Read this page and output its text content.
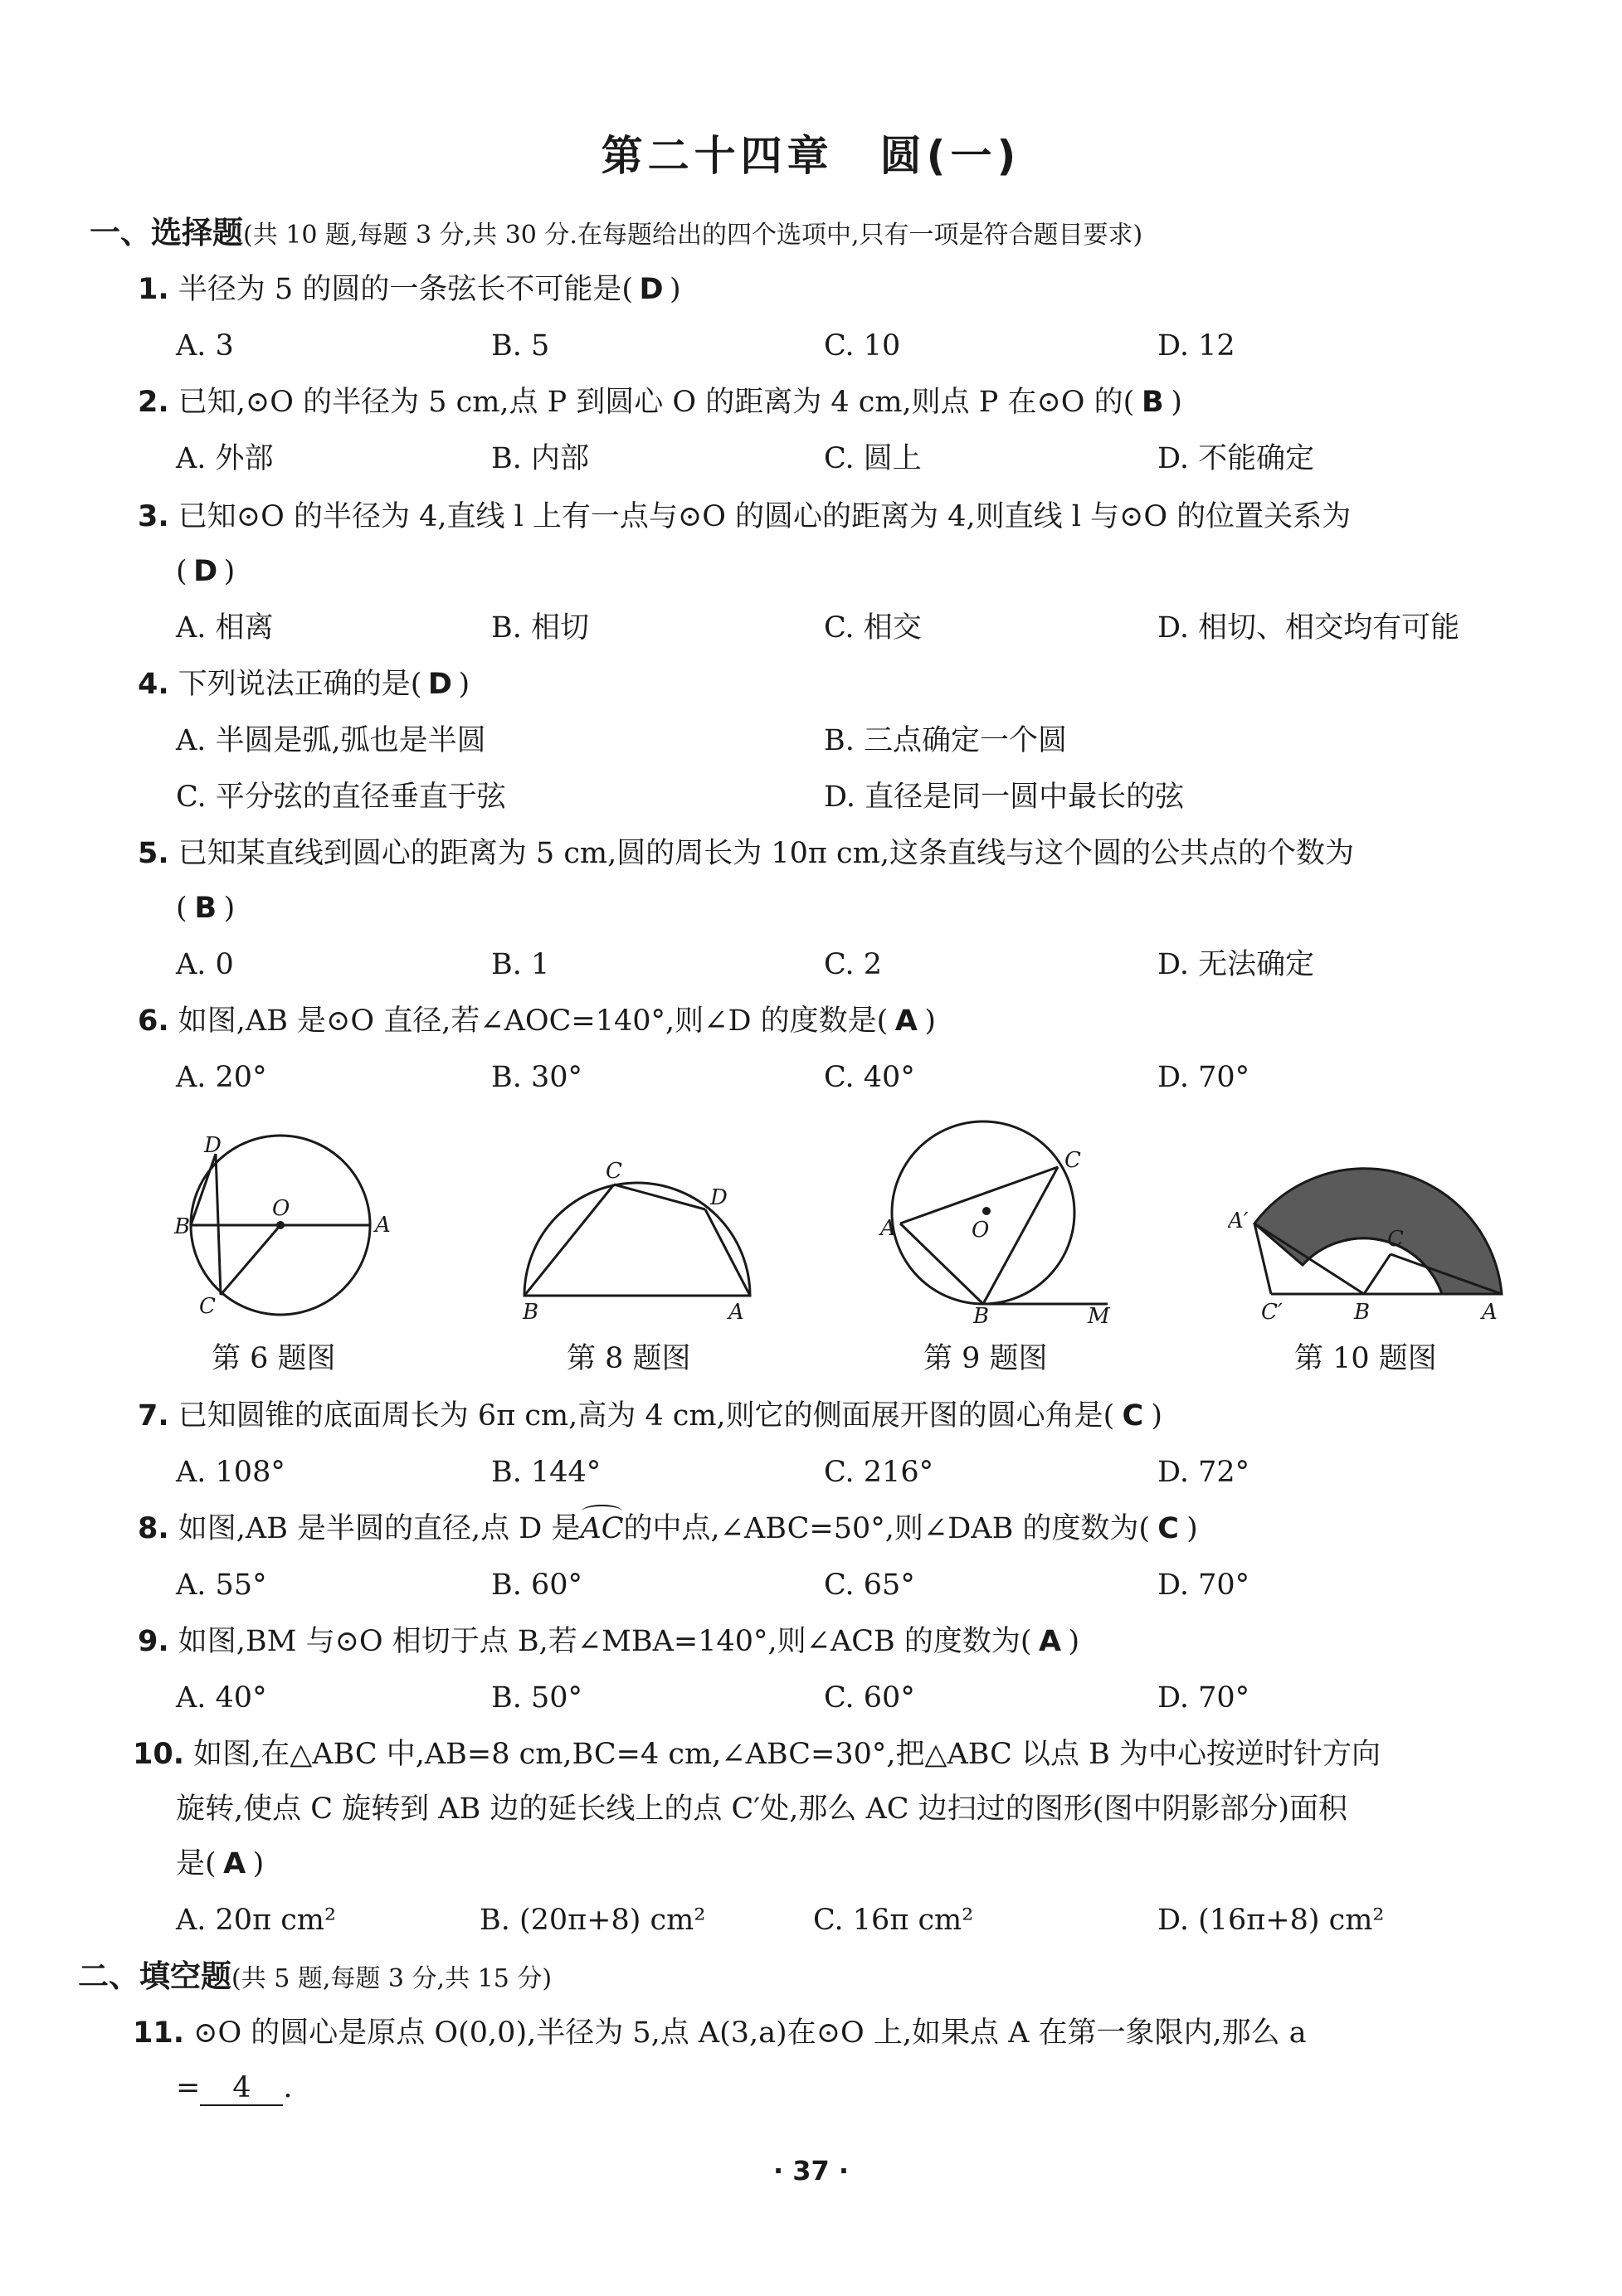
第二十四章　圆(一)
一、选择题(共 10 题,每题 3 分,共 30 分.在每题给出的四个选项中,只有一项是符合题目要求)
1. 半径为 5 的圆的一条弦长不可能是( D )
A. 3	B. 5	C. 10	D. 12
2. 已知,⊙O 的半径为 5 cm,点 P 到圆心 O 的距离为 4 cm,则点 P 在⊙O 的( B )
A. 外部	B. 内部	C. 圆上	D. 不能确定
3. 已知⊙O 的半径为 4,直线 l 上有一点与⊙O 的圆心的距离为 4,则直线 l 与⊙O 的位置关系为
( D )
A. 相离	B. 相切	C. 相交	D. 相切、相交均有可能
4. 下列说法正确的是( D )
A. 半圆是弧,弧也是半圆	B. 三点确定一个圆
C. 平分弦的直径垂直于弦	D. 直径是同一圆中最长的弦
5. 已知某直线到圆心的距离为 5 cm,圆的周长为 10π cm,这条直线与这个圆的公共点的个数为
( B )
A. 0	B. 1	C. 2	D. 无法确定
6. 如图,AB 是⊙O 直径,若∠AOC=140°,则∠D 的度数是( A )
A. 20°	B. 30°	C. 40°	D. 70°
D
B
O
A
C
第 6 题图
C
D
B	A
第 8 题图
C
A	O
B	M
第 9 题图
A′
C
C′	B	A
第 10 题图
7. 已知圆锥的底面周长为 6π cm,高为 4 cm,则它的侧面展开图的圆心角是( C )
A. 108°	B. 144°	C. 216°	D. 72°
8. 如图,AB 是半圆的直径,点 D 是
AC的中点,∠ABC=50°,则∠DAB 的度数为( C )
A. 55°	B. 60°	C. 65°	D. 70°
9. 如图,BM 与⊙O 相切于点 B,若∠MBA=140°,则∠ACB 的度数为( A )
A. 40°	B. 50°	C. 60°	D. 70°
10. 如图,在△ABC 中,AB=8 cm,BC=4 cm,∠ABC=30°,把△ABC 以点 B 为中心按逆时针方向
旋转,使点 C 旋转到 AB 边的延长线上的点 C′处,那么 AC 边扫过的图形(图中阴影部分)面积
是( A )
A. 20π cm²	B. (20π+8) cm²	C. 16π cm²	D. (16π+8) cm²
二、填空题(共 5 题,每题 3 分,共 15 分)
11. ⊙O 的圆心是原点 O(0,0),半径为 5,点 A(3,a)在⊙O 上,如果点 A 在第一象限内,那么 a
= 4 .
· 37 ·
